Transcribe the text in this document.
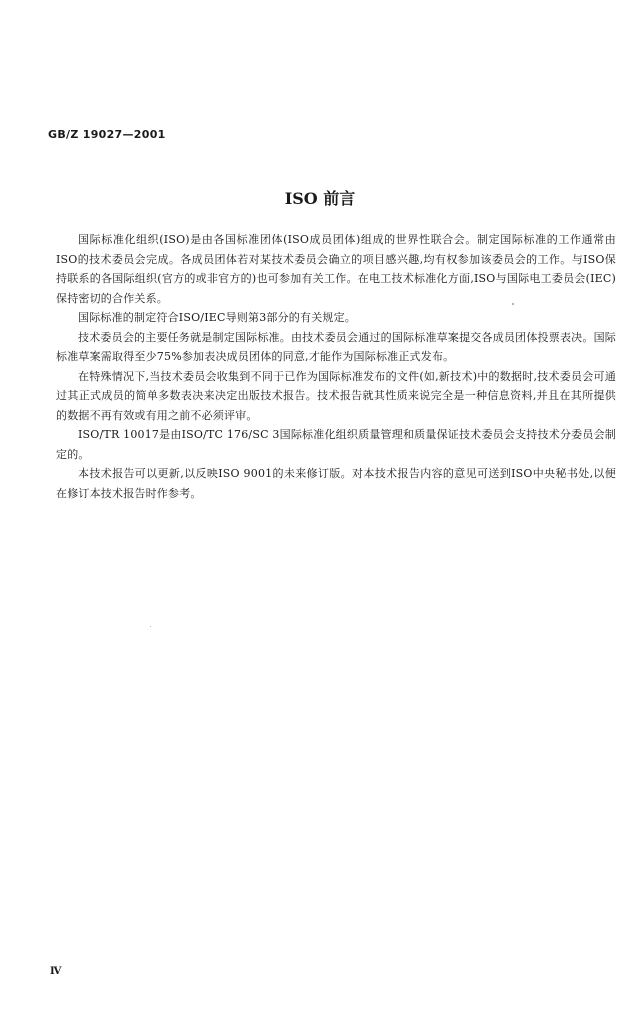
GB/Z 19027—2001
ISO 前言

国际标准化组织(ISO)是由各国标准团体(ISO成员团体)组成的世界性联合会。制定国际标准的工作通常由ISO的技术委员会完成。各成员团体若对某技术委员会确立的项目感兴趣,均有权参加该委员会的工作。与ISO保持联系的各国际组织(官方的或非官方的)也可参加有关工作。在电工技术标准化方面,ISO与国际电工委员会(IEC)保持密切的合作关系。

国际标准的制定符合ISO/IEC导则第3部分的有关规定。

技术委员会的主要任务就是制定国际标准。由技术委员会通过的国际标准草案提交各成员团体投票表决。国际标准草案需取得至少75%参加表决成员团体的同意,才能作为国际标准正式发布。

在特殊情况下,当技术委员会收集到不同于已作为国际标准发布的文件(如,新技术)中的数据时,技术委员会可通过其正式成员的简单多数表决来决定出版技术报告。技术报告就其性质来说完全是一种信息资料,并且在其所提供的数据不再有效或有用之前不必须评审。

ISO/TR 10017是由ISO/TC 176/SC 3国际标准化组织质量管理和质量保证技术委员会支持技术分委员会制定的。

本技术报告可以更新,以反映ISO 9001的未来修订版。对本技术报告内容的意见可送到ISO中央秘书处,以便在修订本技术报告时作参考。

Ⅳ
